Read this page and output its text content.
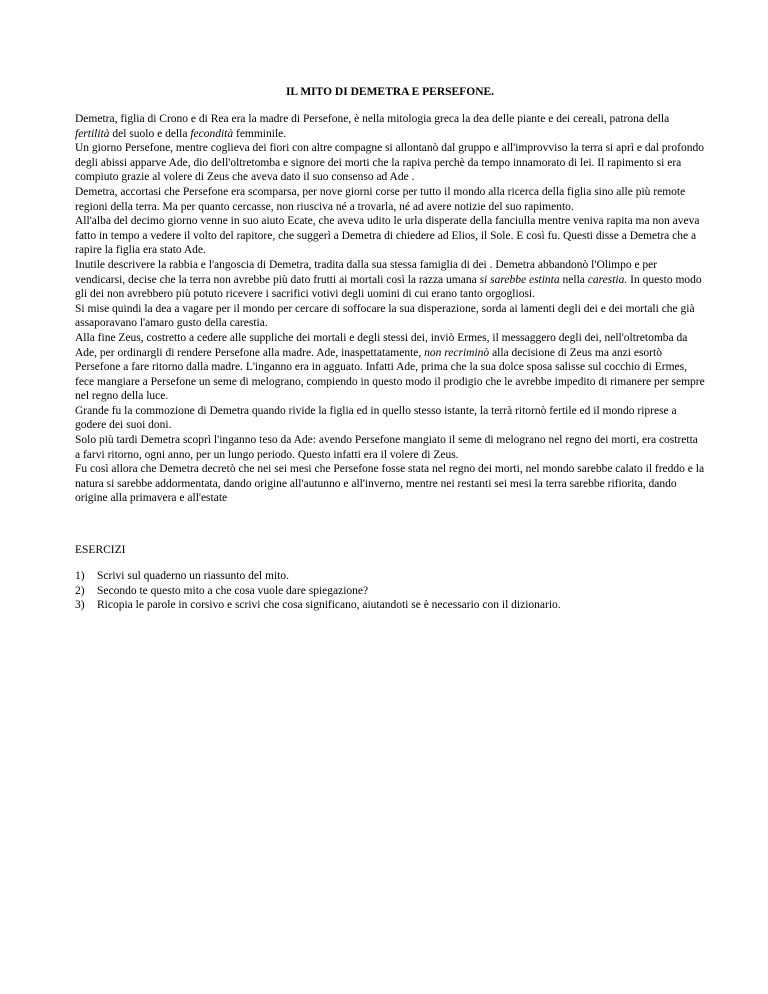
IL MITO DI DEMETRA E PERSEFONE.

Demetra, figlia di Crono e di Rea era la madre di Persefone, è nella mitologia greca la dea delle piante e dei cereali, patrona della fertilità del suolo e della fecondità femminile.

Un giorno Persefone, mentre coglieva dei fiori con altre compagne si allontanò dal gruppo e all'improvviso la terra si aprì e dal profondo degli abissi apparve Ade, dio dell'oltretomba e signore dei morti che la rapiva perchè da tempo innamorato di lei. Il rapimento si era compiuto grazie al volere di Zeus che aveva dato il suo consenso ad Ade .

Demetra, accortasi che Persefone era scomparsa, per nove giorni corse per tutto il mondo alla ricerca della figlia sino alle più remote regioni della terra. Ma per quanto cercasse, non riusciva né a trovarla, né ad avere notizie del suo rapimento.

All'alba del decimo giorno venne in suo aiuto Ecate, che aveva udito le urla disperate della fanciulla mentre veniva rapita ma non aveva fatto in tempo a vedere il volto del rapitore, che suggerì a Demetra di chiedere ad Elios, il Sole. E così fu. Questi disse a Demetra che a rapire la figlia era stato Ade.

Inutile descrivere la rabbia e l'angoscia di Demetra, tradita dalla sua stessa famiglia di dei . Demetra abbandonò l'Olimpo e per vendicarsi, decise che la terra non avrebbe più dato frutti ai mortali così la razza umana si sarebbe estinta nella carestia. In questo modo gli dei non avrebbero più potuto ricevere i sacrifici votivi degli uomini di cui erano tanto orgogliosi.

Si mise quindi la dea a vagare per il mondo per cercare di soffocare la sua disperazione, sorda ai lamenti degli dei e dei mortali che già assaporavano l'amaro gusto della carestia.

Alla fine Zeus, costretto a cedere alle suppliche dei mortali e degli stessi dei, inviò Ermes, il messaggero degli dei, nell'oltretomba da Ade, per ordinargli di rendere Persefone alla madre. Ade, inaspettatamente, non recriminò alla decisione di Zeus ma anzi esortò Persefone a fare ritorno dalla madre. L'inganno era in agguato. Infatti Ade, prima che la sua dolce sposa salisse sul cocchio di Ermes, fece mangiare a Persefone un seme di melograno, compiendo in questo modo il prodigio che le avrebbe impedito di rimanere per sempre nel regno della luce.

Grande fu la commozione di Demetra quando rivide la figlia ed in quello stesso istante, la terrà ritornò fertile ed il mondo riprese a godere dei suoi doni.

Solo più tardi Demetra scoprì l'inganno teso da Ade: avendo Persefone mangiato il seme di melograno nel regno dei morti, era costretta a farvi ritorno, ogni anno, per un lungo periodo. Questo infatti era il volere di Zeus.

Fu così allora che Demetra decretò che nei sei mesi che Persefone fosse stata nel regno dei morti, nel mondo sarebbe calato il freddo e la natura si sarebbe addormentata, dando origine all'autunno e all'inverno, mentre nei restanti sei mesi la terra sarebbe rifiorita, dando origine alla primavera e all'estate

ESERCIZI
1)	Scrivi sul quaderno un riassunto del mito.
2)	Secondo te questo mito a che cosa vuole dare spiegazione?
3)	Ricopia le parole in corsivo e scrivi che cosa significano, aiutandoti se è necessario con il dizionario.
